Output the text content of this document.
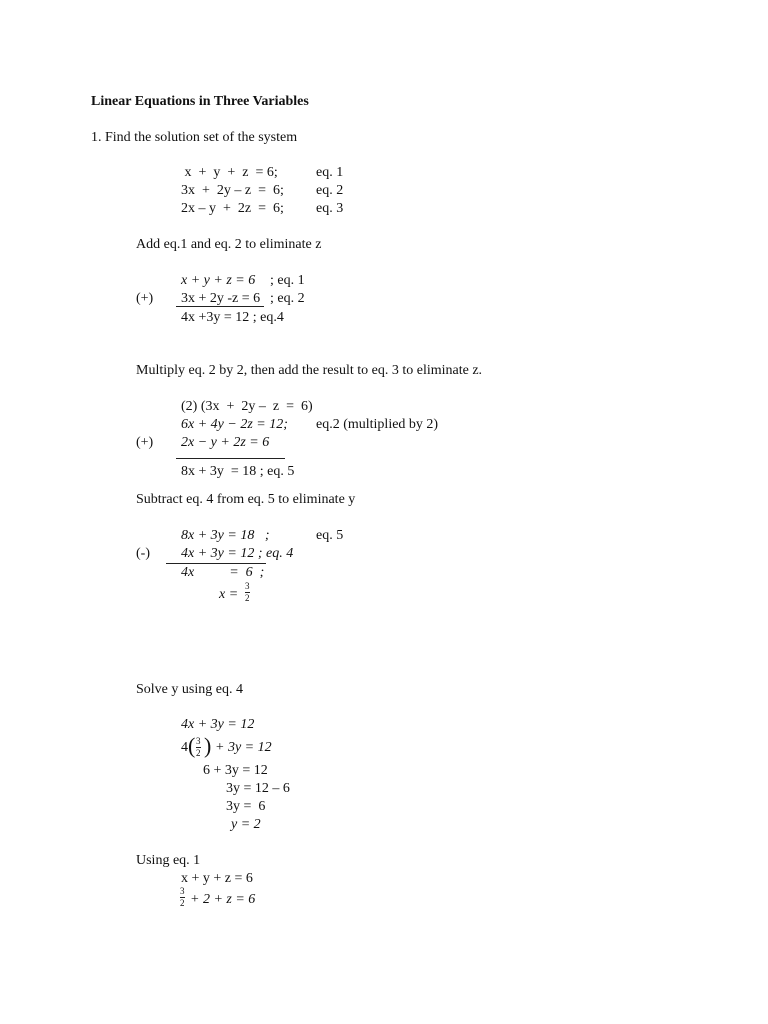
Linear Equations in Three Variables
1. Find the solution set of the system
x  +  y  +  z  = 6;	eq. 1
3x  +  2y – z  =  6; eq. 2
2x – y  +  2z  =  6; eq. 3
Add eq.1 and eq. 2 to eliminate z
x + y + z = 6 ; eq. 1
(+) 3x + 2y -z = 6 ; eq. 2
4x +3y = 12 ; eq.4
Multiply eq. 2 by 2, then add the result to eq. 3 to eliminate z.
(2) (3x  +  2y –  z  =  6)
6x + 4y − 2z = 12; eq.2 (multiplied by 2)
(+) 2x − y + 2z = 6
8x + 3y  = 18 ; eq. 5
Subtract eq. 4 from eq. 5 to eliminate y
8x + 3y = 18   ;	eq. 5
(-) 4x + 3y = 12 ; eq. 4
4x          =  6  ;
x =
3
2
Solve y using eq. 4
4x + 3y = 12
4 ( 3
2 ) + 3y = 12
6 + 3y = 12
3y = 12 – 6
3y =  6
y = 2
Using eq. 1
x + y + z = 6
3
2 + 2 + z = 6
